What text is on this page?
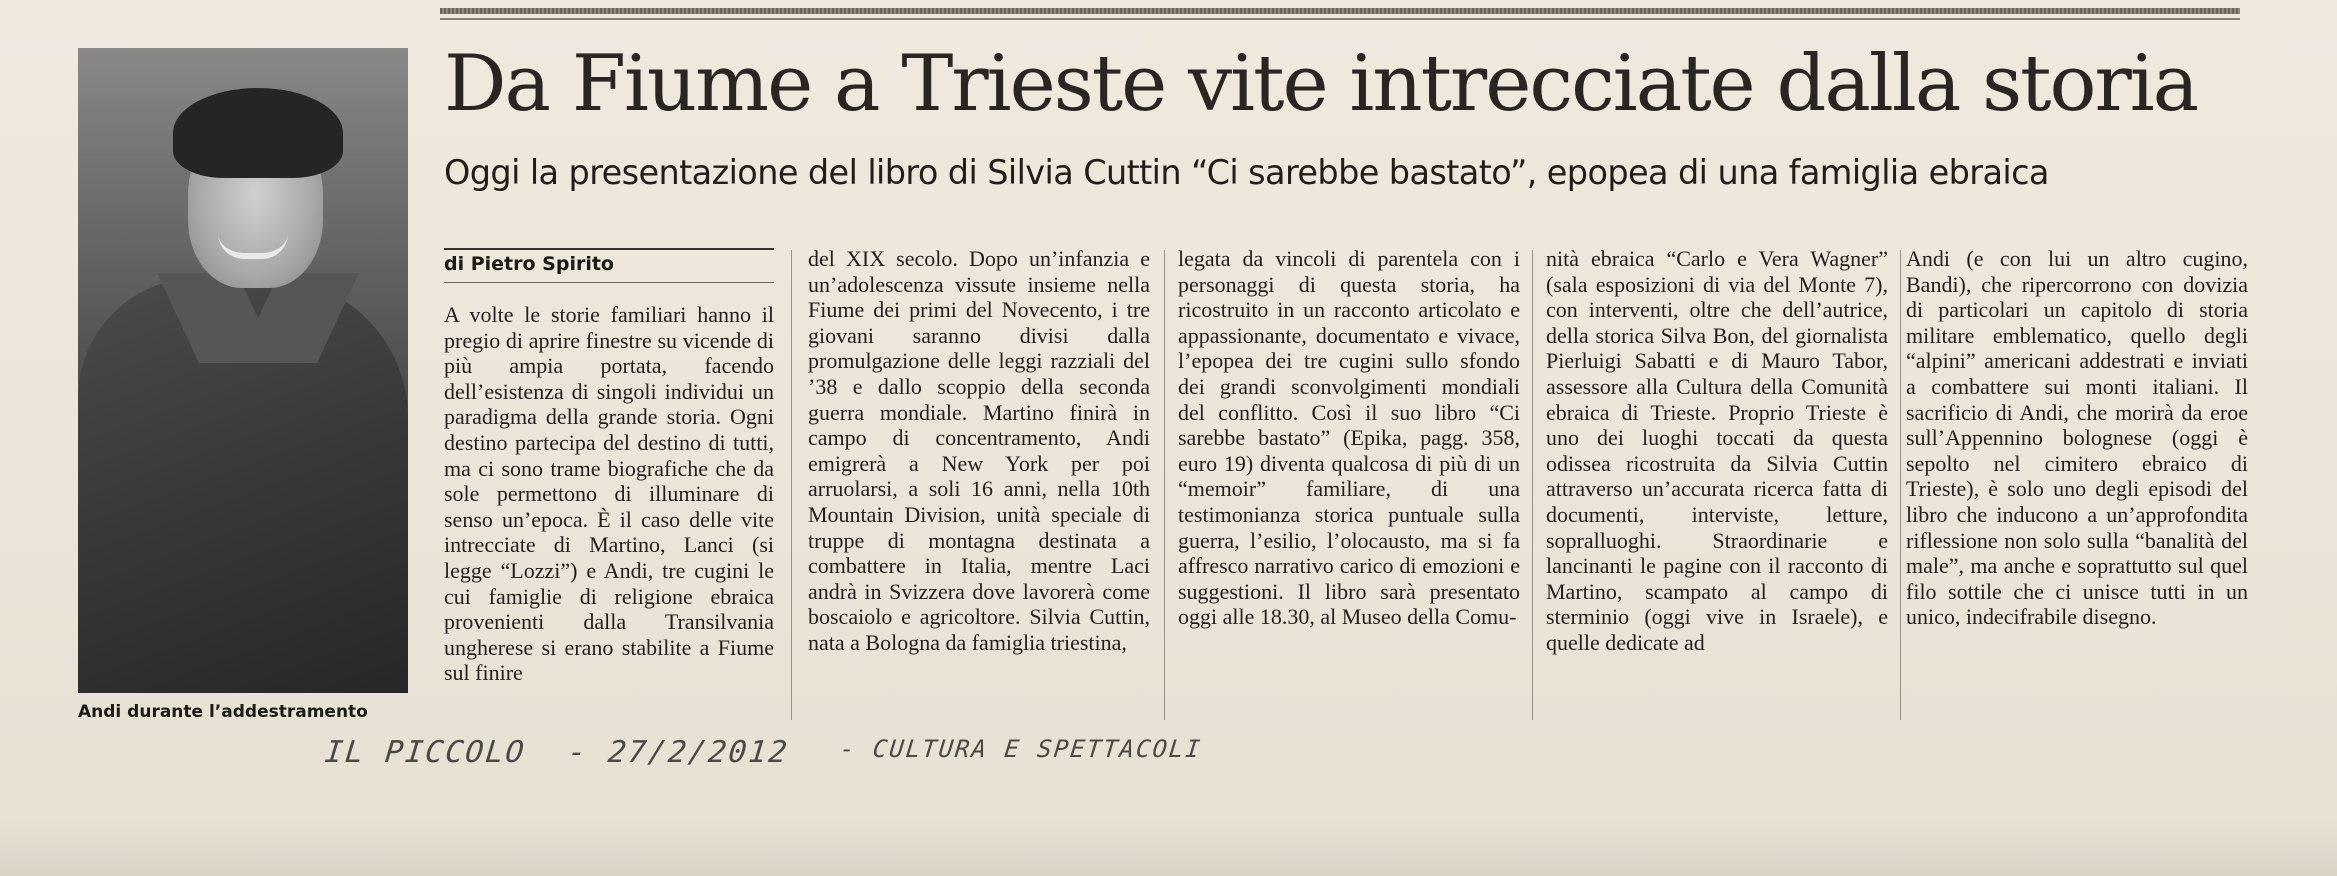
Andi durante l’addestramento
Da Fiume a Trieste vite intrecciate dalla storia
Oggi la presentazione del libro di Silvia Cuttin “Ci sarebbe bastato”, epopea di una famiglia ebraica
di Pietro Spirito

A volte le storie familiari hanno il pregio di aprire finestre su vicende di più ampia portata, facendo dell’esistenza di singoli individui un paradigma della grande storia. Ogni destino partecipa del destino di tutti, ma ci sono trame biografiche che da sole permettono di illuminare di senso un’epoca. È il caso delle vite intrecciate di Martino, Lanci (si legge “Lozzi”) e Andi, tre cugini le cui famiglie di religione ebraica provenienti dalla Transilvania ungherese si erano stabilite a Fiume sul finire

del XIX secolo. Dopo un’infanzia e un’adolescenza vissute insieme nella Fiume dei primi del Novecento, i tre giovani saranno divisi dalla promulgazione delle leggi razziali del ’38 e dallo scoppio della seconda guerra mondiale. Martino finirà in campo di concentramento, Andi emigrerà a New York per poi arruolarsi, a soli 16 anni, nella 10th Mountain Division, unità speciale di truppe di montagna destinata a combattere in Italia, mentre Laci andrà in Svizzera dove lavorerà come boscaiolo e agricoltore. Silvia Cuttin, nata a Bologna da famiglia triestina,

legata da vincoli di parentela con i personaggi di questa storia, ha ricostruito in un racconto articolato e appassionante, documentato e vivace, l’epopea dei tre cugini sullo sfondo dei grandi sconvolgimenti mondiali del conflitto. Così il suo libro “Ci sarebbe bastato” (Epika, pagg. 358, euro 19) diventa qualcosa di più di un “memoir” familiare, di una testimonianza storica puntuale sulla guerra, l’esilio, l’olocausto, ma si fa affresco narrativo carico di emozioni e suggestioni. Il libro sarà presentato oggi alle 18.30, al Museo della Comu-

nità ebraica “Carlo e Vera Wagner” (sala esposizioni di via del Monte 7), con interventi, oltre che dell’autrice, della storica Silva Bon, del giornalista Pierluigi Sabatti e di Mauro Tabor, assessore alla Cultura della Comunità ebraica di Trieste. Proprio Trieste è uno dei luoghi toccati da questa odissea ricostruita da Silvia Cuttin attraverso un’accurata ricerca fatta di documenti, interviste, letture, sopralluoghi. Straordinarie e lancinanti le pagine con il racconto di Martino, scampato al campo di sterminio (oggi vive in Israele), e quelle dedicate ad

Andi (e con lui un altro cugino, Bandi), che ripercorrono con dovizia di particolari un capitolo di storia militare emblematico, quello degli “alpini” americani addestrati e inviati a combattere sui monti italiani. Il sacrificio di Andi, che morirà da eroe sull’Appennino bolognese (oggi è sepolto nel cimitero ebraico di Trieste), è solo uno degli episodi del libro che inducono a un’approfondita riflessione non solo sulla “banalità del male”, ma anche e soprattutto sul quel filo sottile che ci unisce tutti in un unico, indecifrabile disegno.

IL PICCOLO - 27/2/2012 - CULTURA E SPETTACOLI
